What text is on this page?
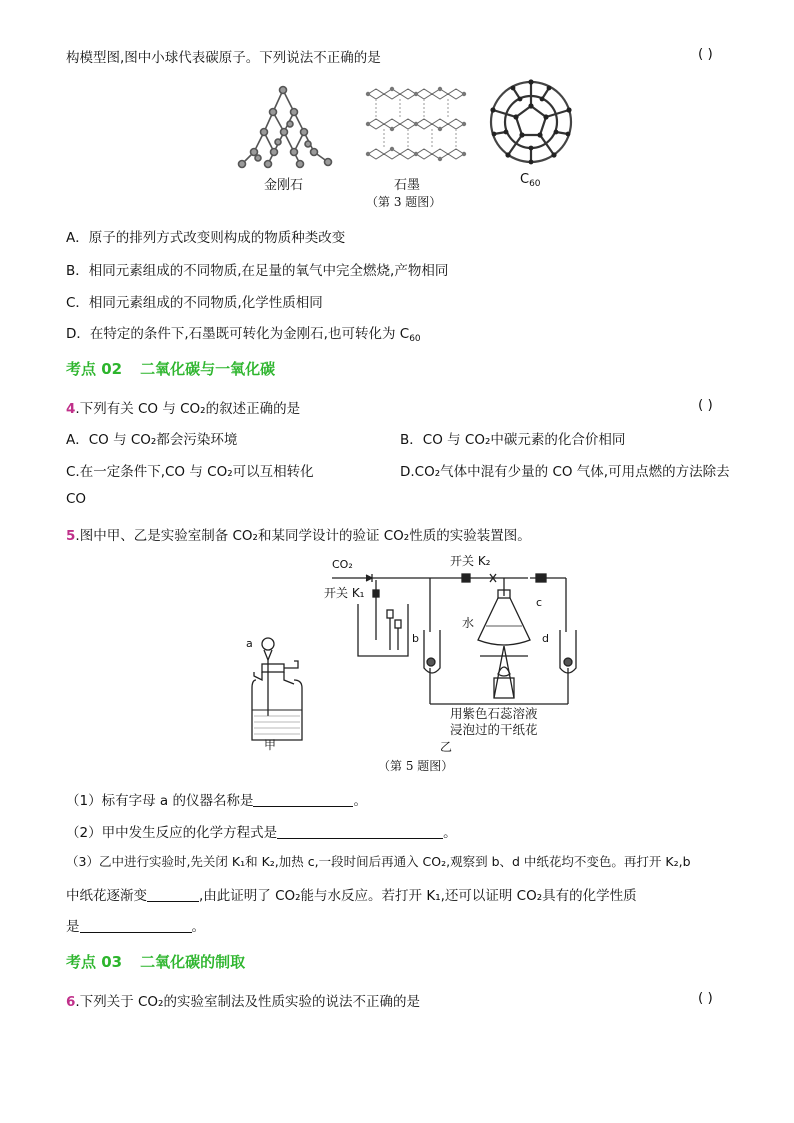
构模型图,图中小球代表碳原子。下列说法不正确的是	( )
金刚石	石墨	$C_{60}$
（第 3 题图）
A．原子的排列方式改变则构成的物质种类改变
B．相同元素组成的不同物质,在足量的氧气中完全燃烧,产物相同
C．相同元素组成的不同物质,化学性质相同
D．在特定的条件下,石墨既可转化为金刚石,也可转化为 $C_{60}$
考点 02 二氧化碳与一氧化碳
4.下列有关 CO 与 CO₂的叙述正确的是	( )
A．CO 与 CO₂都会污染环境	B．CO 与 CO₂中碳元素的化合价相同
C.在一定条件下,CO 与 CO₂可以互相转化	D.CO₂气体中混有少量的 CO 气体,可用点燃的方法除去
CO
5.图中甲、乙是实验室制备 CO₂和某同学设计的验证 CO₂性质的实验装置图。
CO₂
开关 K₁
开关 K₂
a	b
c
d
水
用紫色石蕊溶液
浸泡过的干纸花
甲	乙
（第 5 题图）
（1）标有字母 a 的仪器名称是	。
（2）甲中发生反应的化学方程式是	。
（3）乙中进行实验时,先关闭 K₁和 K₂,加热 c,一段时间后再通入 CO₂,观察到 b、d 中纸花均不变色。再打开 K₂,b
中纸花逐渐变	,由此证明了 CO₂能与水反应。若打开 K₁,还可以证明 CO₂具有的化学性质
是	。
考点 03 二氧化碳的制取
6.下列关于 CO₂的实验室制法及性质实验的说法不正确的是	( )
